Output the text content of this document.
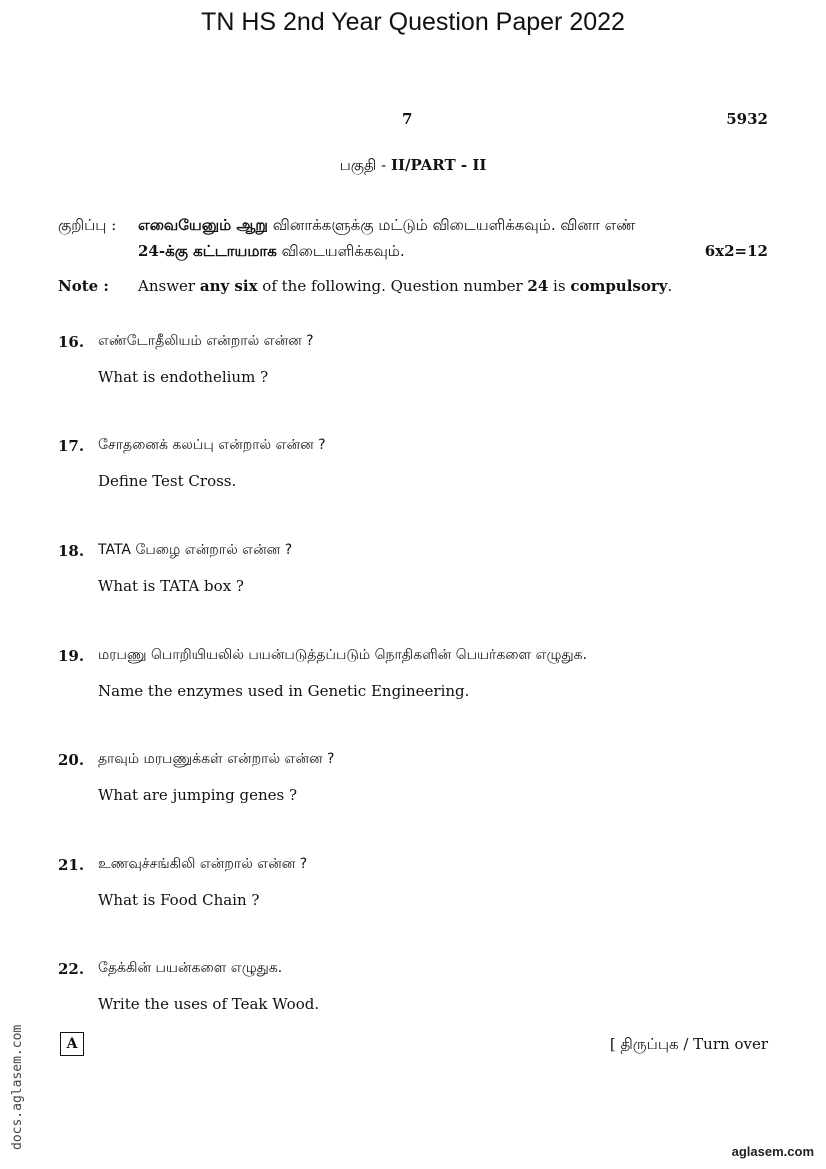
TN HS 2nd Year Question Paper 2022
7	5932
பகுதி - II/PART - II
குறிப்பு : எவையேனும் ஆறு வினாக்களுக்கு மட்டும் விடையளிக்கவும். வினா எண்
24-க்கு கட்டாயமாக விடையளிக்கவும்.	6x2=12
Note : Answer any six of the following. Question number 24 is compulsory.
16. எண்டோதீலியம் என்றால் என்ன ?
What is endothelium ?
17. சோதனைக் கலப்பு என்றால் என்ன ?
Define Test Cross.
18. TATA பேழை என்றால் என்ன ?
What is TATA box ?
19. மரபணு பொறியியலில் பயன்படுத்தப்படும் நொதிகளின் பெயர்களை எழுதுக.
Name the enzymes used in Genetic Engineering.
20. தாவும் மரபணுக்கள் என்றால் என்ன ?
What are jumping genes ?
21. உணவுச்சங்கிலி என்றால் என்ன ?
What is Food Chain ?
22. தேக்கின் பயன்களை எழுதுக.
Write the uses of Teak Wood.
A	[ திருப்புக / Turn over
docs.aglasem.com
aglasem.com
